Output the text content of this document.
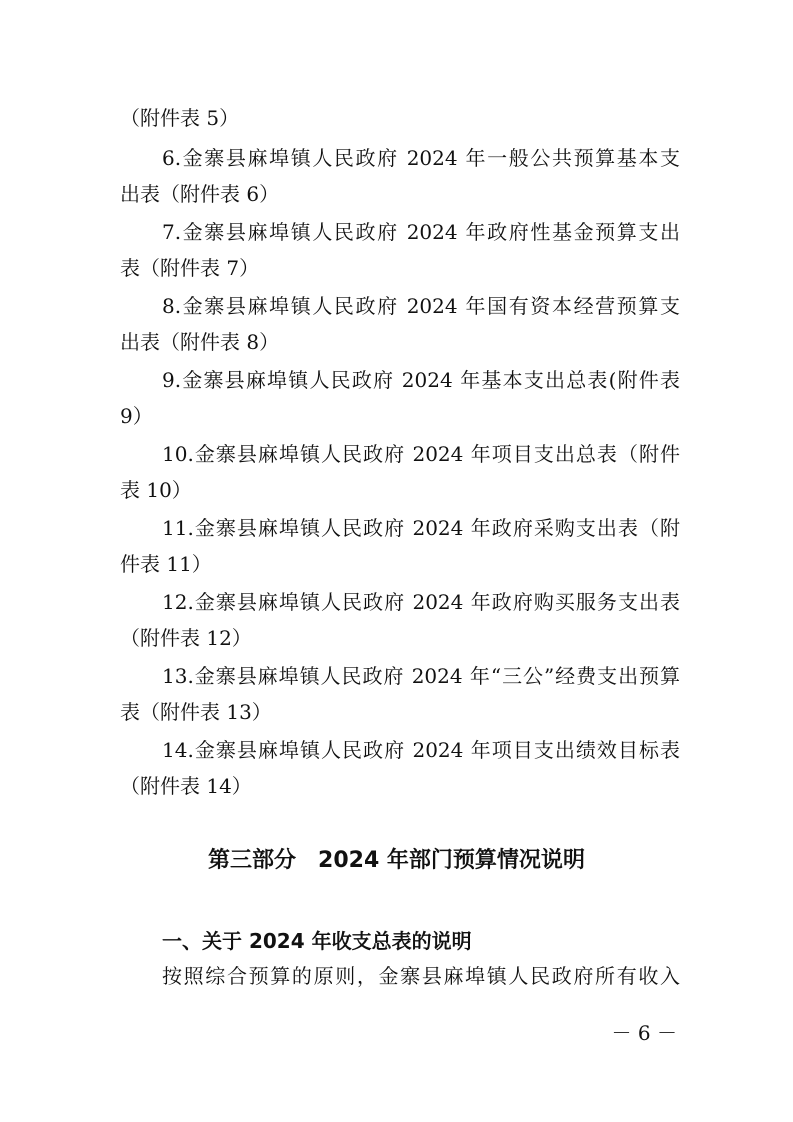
（附件表 5）
6.金寨县麻埠镇人民政府 2024 年一般公共预算基本支
出表（附件表 6）
7.金寨县麻埠镇人民政府 2024 年政府性基金预算支出
表（附件表 7）
8.金寨县麻埠镇人民政府 2024 年国有资本经营预算支
出表（附件表 8）
9.金寨县麻埠镇人民政府 2024 年基本支出总表(附件表
9）
10.金寨县麻埠镇人民政府 2024 年项目支出总表（附件
表 10）
11.金寨县麻埠镇人民政府 2024 年政府采购支出表（附
件表 11）
12.金寨县麻埠镇人民政府 2024 年政府购买服务支出表
（附件表 12）
13.金寨县麻埠镇人民政府 2024 年“三公”经费支出预算
表（附件表 13）
14.金寨县麻埠镇人民政府 2024 年项目支出绩效目标表
（附件表 14）
第三部分　2024 年部门预算情况说明
一、关于 2024 年收支总表的说明
按照综合预算的原则，金寨县麻埠镇人民政府所有收入
－ 6 －
